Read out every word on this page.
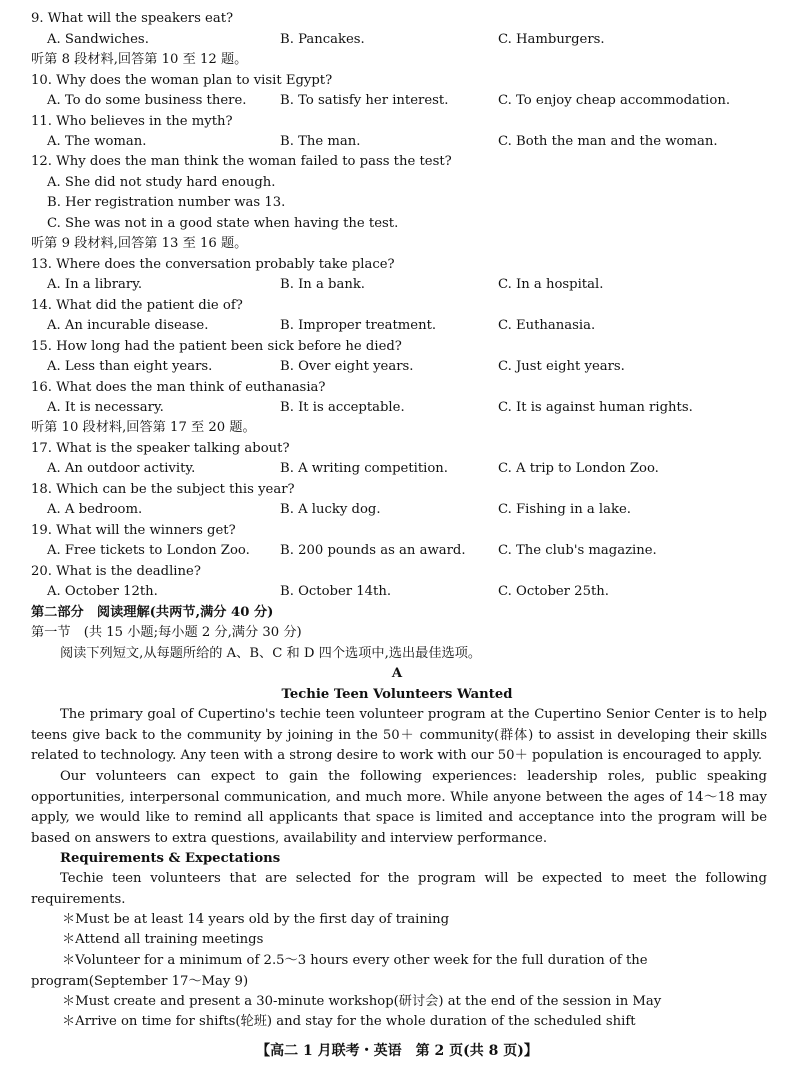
9. What will the speakers eat?
A. Sandwiches.	B. Pancakes.	C. Hamburgers.
听第 8 段材料,回答第 10 至 12 题。
10. Why does the woman plan to visit Egypt?
A. To do some business there.	B. To satisfy her interest.	C. To enjoy cheap accommodation.
11. Who believes in the myth?
A. The woman.	B. The man.	C. Both the man and the woman.
12. Why does the man think the woman failed to pass the test?
A. She did not study hard enough.
B. Her registration number was 13.
C. She was not in a good state when having the test.
听第 9 段材料,回答第 13 至 16 题。
13. Where does the conversation probably take place?
A. In a library.	B. In a bank.	C. In a hospital.
14. What did the patient die of?
A. An incurable disease.	B. Improper treatment.	C. Euthanasia.
15. How long had the patient been sick before he died?
A. Less than eight years.	B. Over eight years.	C. Just eight years.
16. What does the man think of euthanasia?
A. It is necessary.	B. It is acceptable.	C. It is against human rights.
听第 10 段材料,回答第 17 至 20 题。
17. What is the speaker talking about?
A. An outdoor activity.	B. A writing competition.	C. A trip to London Zoo.
18. Which can be the subject this year?
A. A bedroom.	B. A lucky dog.	C. Fishing in a lake.
19. What will the winners get?
A. Free tickets to London Zoo. B. 200 pounds as an award. C. The club's magazine.
20. What is the deadline?
A. October 12th.	B. October 14th.	C. October 25th.
第二部分　阅读理解(共两节,满分 40 分)
第一节　(共 15 小题;每小题 2 分,满分 30 分)
阅读下列短文,从每题所给的 A、B、C 和 D 四个选项中,选出最佳选项。
A
Techie Teen Volunteers Wanted
The primary goal of Cupertino's techie teen volunteer program at the Cupertino Senior Center is to help teens give back to the community by joining in the 50＋ community(群体) to assist in developing their skills related to technology. Any teen with a strong desire to work with our 50＋ population is encouraged to apply.
Our volunteers can expect to gain the following experiences: leadership roles, public speaking opportunities, interpersonal communication, and much more. While anyone between the ages of 14～18 may apply, we would like to remind all applicants that space is limited and acceptance into the program will be based on answers to extra questions, availability and interview performance.
Requirements & Expectations
Techie teen volunteers that are selected for the program will be expected to meet the following requirements.
＊Must be at least 14 years old by the first day of training
＊Attend all training meetings
＊Volunteer for a minimum of 2.5～3 hours every other week for the full duration of the program(September 17～May 9)
＊Must create and present a 30-minute workshop(研讨会) at the end of the session in May
＊Arrive on time for shifts(轮班) and stay for the whole duration of the scheduled shift
【高二 1 月联考・英语　第 2 页(共 8 页)】
